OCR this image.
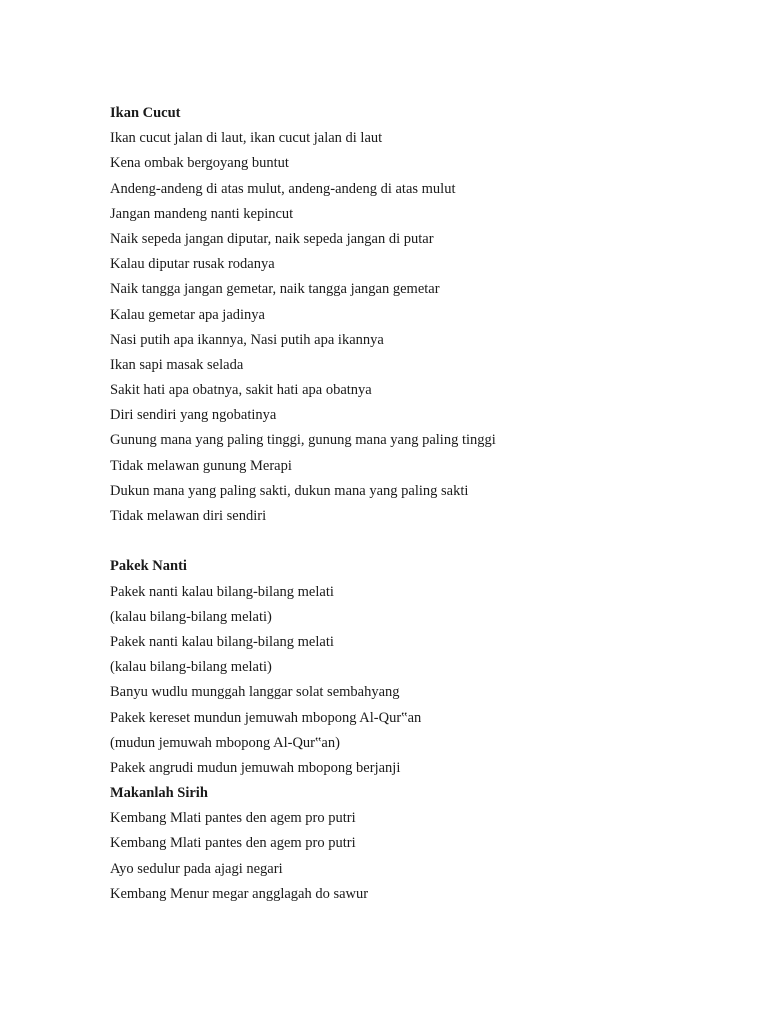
Ikan Cucut
Ikan cucut jalan di laut, ikan cucut jalan di laut
Kena ombak bergoyang buntut
Andeng-andeng di atas mulut, andeng-andeng di atas mulut
Jangan mandeng nanti kepincut
Naik sepeda jangan diputar, naik sepeda jangan di putar
Kalau diputar rusak rodanya
Naik tangga jangan gemetar, naik tangga jangan gemetar
Kalau gemetar apa jadinya
Nasi putih apa ikannya, Nasi putih apa ikannya
Ikan sapi masak selada
Sakit hati apa obatnya, sakit hati apa obatnya
Diri sendiri yang ngobatinya
Gunung mana yang paling tinggi, gunung mana yang paling tinggi
Tidak melawan gunung Merapi
Dukun mana yang paling sakti, dukun mana yang paling sakti
Tidak melawan diri sendiri
Pakek Nanti
Pakek nanti kalau bilang-bilang melati
(kalau bilang-bilang melati)
Pakek nanti kalau bilang-bilang melati
(kalau bilang-bilang melati)
Banyu wudlu munggah langgar solat sembahyang
Pakek kereset mundun jemuwah mbopong Al-Qur‟an
(mudun jemuwah mbopong Al-Qur‟an)
Pakek angrudi mudun jemuwah mbopong berjanji
Makanlah Sirih
Kembang Mlati pantes den agem pro putri
Kembang Mlati pantes den agem pro putri
Ayo sedulur pada ajagi negari
Kembang Menur megar angglagah do sawur
